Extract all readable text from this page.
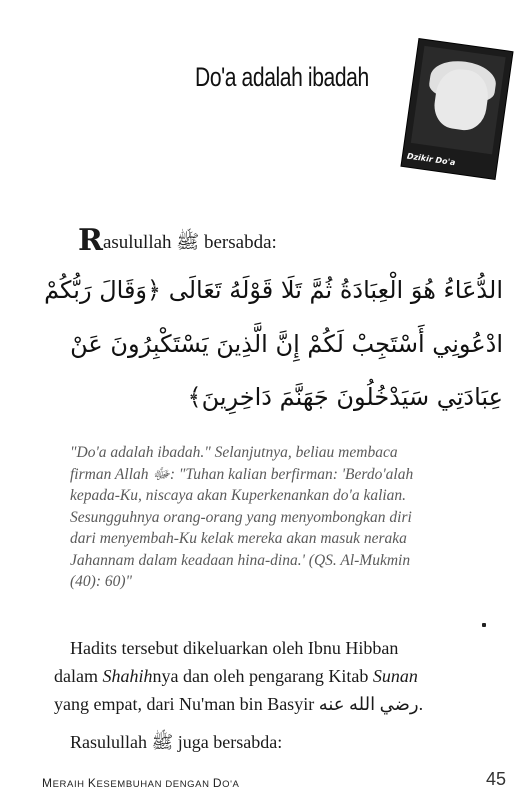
Do'a adalah ibadah
Dzikir Do'a
Rasulullah ﷺ bersabda:
الدُّعَاءُ هُوَ الْعِبَادَةُ ثُمَّ تَلَا قَوْلَهُ تَعَالَى ﴿وَقَالَ رَبُّكُمْ
ادْعُونِي أَسْتَجِبْ لَكُمْ إِنَّ الَّذِينَ يَسْتَكْبِرُونَ عَنْ
عِبَادَتِي سَيَدْخُلُونَ جَهَنَّمَ دَاخِرِينَ﴾
"Do'a adalah ibadah." Selanjutnya, beliau membaca
firman Allah ﷻ: "Tuhan kalian berfirman: 'Berdo'alah
kepada-Ku, niscaya akan Kuperkenankan do'a kalian.
Sesungguhnya orang-orang yang menyombongkan diri
dari menyembah-Ku kelak mereka akan masuk neraka
Jahannam dalam keadaan hina-dina.' (QS. Al-Mukmin
(40): 60)"
Hadits tersebut dikeluarkan oleh Ibnu Hibban
dalam Shahihnya dan oleh pengarang Kitab Sunan
yang empat, dari Nu'man bin Basyir رضي الله عنه.
Rasulullah ﷺ juga bersabda:
MERAIH KESEMBUHAN DENGAN DO'A	45
